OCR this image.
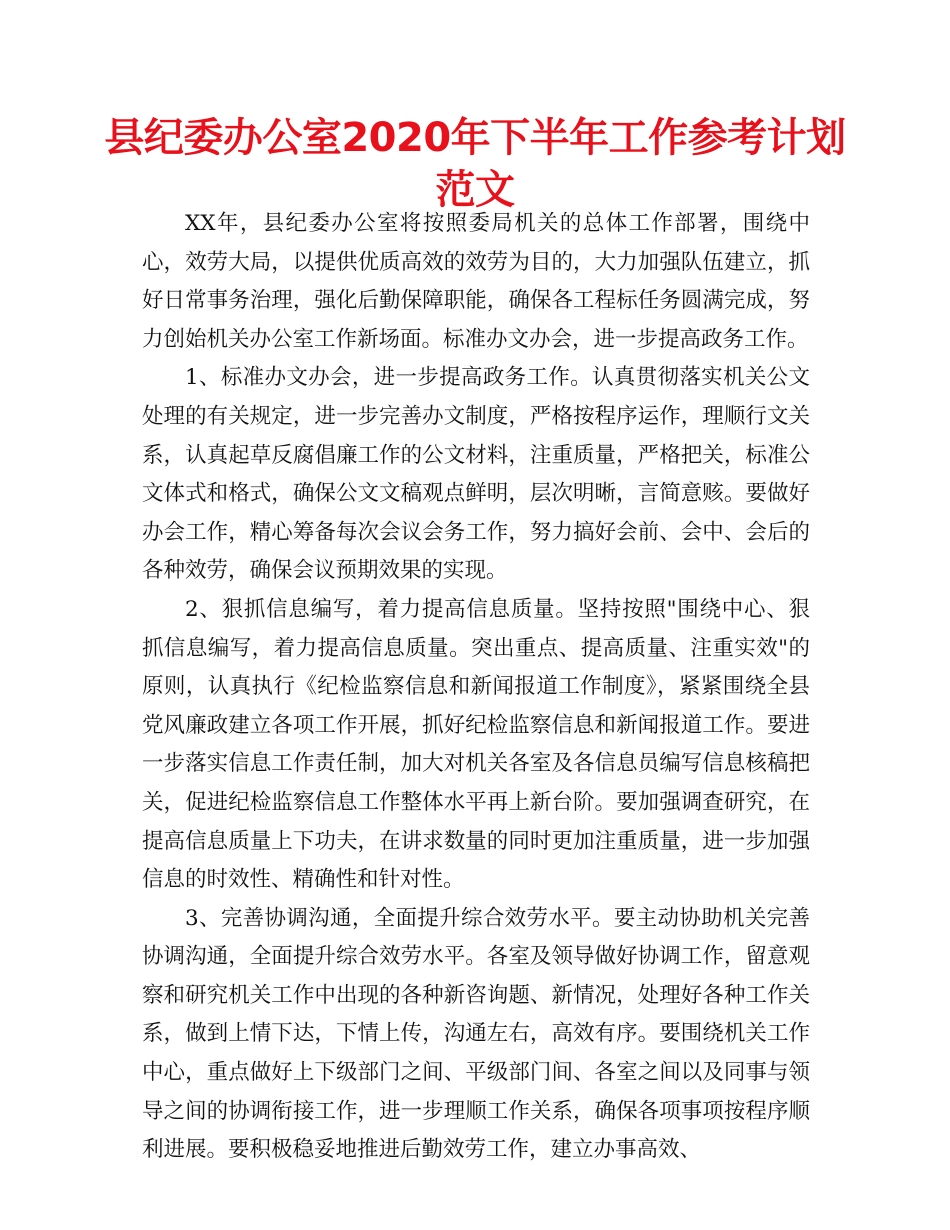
县纪委办公室2020年下半年工作参考计划范文

XX年，县纪委办公室将按照委局机关的总体工作部署，围绕中心，效劳大局，以提供优质高效的效劳为目的，大力加强队伍建立，抓好日常事务治理，强化后勤保障职能，确保各工程标任务圆满完成，努力创始机关办公室工作新场面。标准办文办会，进一步提高政务工作。

1、标准办文办会，进一步提高政务工作。认真贯彻落实机关公文处理的有关规定，进一步完善办文制度，严格按程序运作，理顺行文关系，认真起草反腐倡廉工作的公文材料，注重质量，严格把关，标准公文体式和格式，确保公文文稿观点鲜明，层次明晰，言简意赅。要做好办会工作，精心筹备每次会议会务工作，努力搞好会前、会中、会后的各种效劳，确保会议预期效果的实现。

2、狠抓信息编写，着力提高信息质量。坚持按照"围绕中心、狠抓信息编写，着力提高信息质量。突出重点、提高质量、注重实效"的原则，认真执行《纪检监察信息和新闻报道工作制度》，紧紧围绕全县党风廉政建立各项工作开展，抓好纪检监察信息和新闻报道工作。要进一步落实信息工作责任制，加大对机关各室及各信息员编写信息核稿把关，促进纪检监察信息工作整体水平再上新台阶。要加强调查研究，在提高信息质量上下功夫，在讲求数量的同时更加注重质量，进一步加强信息的时效性、精确性和针对性。

3、完善协调沟通，全面提升综合效劳水平。要主动协助机关完善协调沟通，全面提升综合效劳水平。各室及领导做好协调工作，留意观察和研究机关工作中出现的各种新咨询题、新情况，处理好各种工作关系，做到上情下达，下情上传，沟通左右，高效有序。要围绕机关工作中心，重点做好上下级部门之间、平级部门间、各室之间以及同事与领导之间的协调衔接工作，进一步理顺工作关系，确保各项事项按程序顺利进展。要积极稳妥地推进后勤效劳工作，建立办事高效、
